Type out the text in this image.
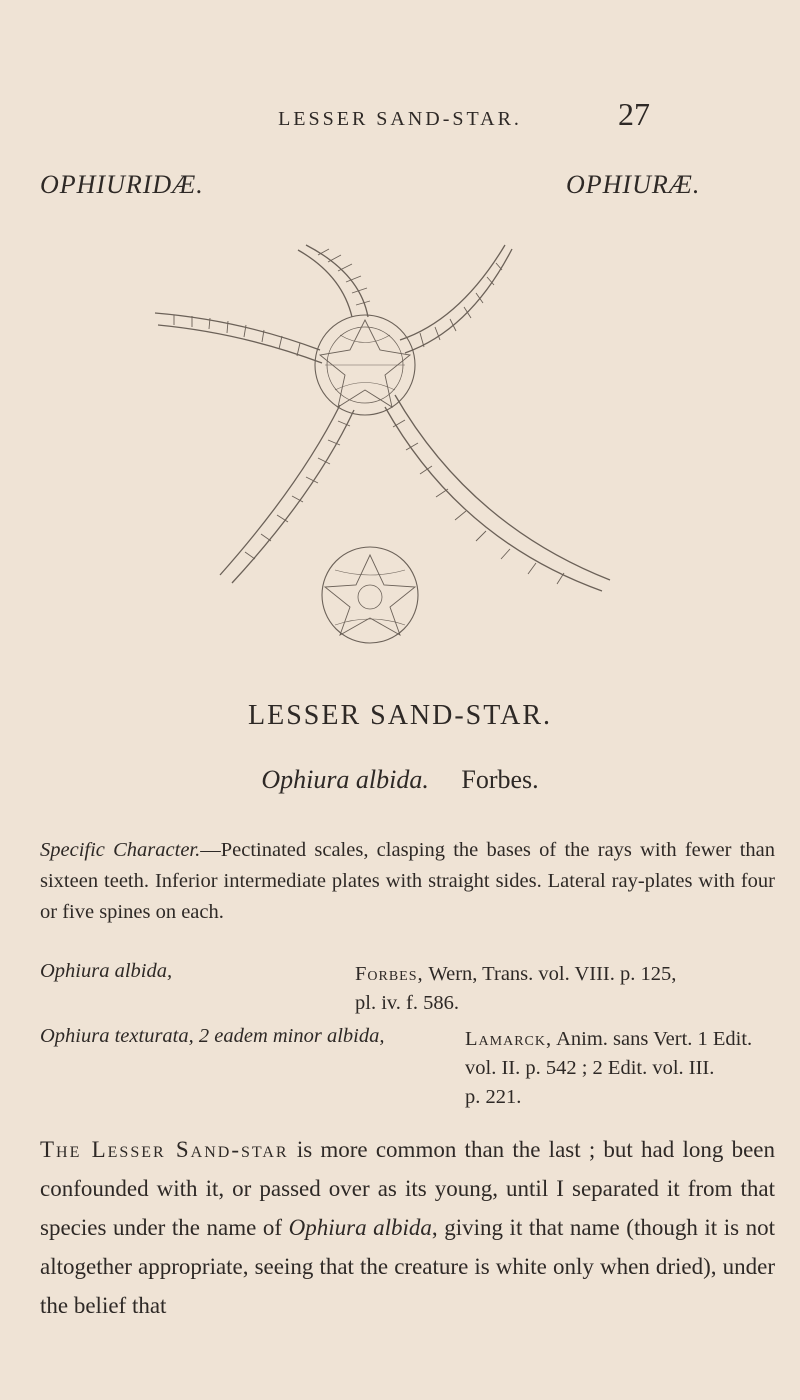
LESSER SAND-STAR.	27
OPHIURIDÆ.	OPHIURÆ.
LESSER SAND-STAR.
Ophiura albida. Forbes.
Specific Character.—Pectinated scales, clasping the bases of the rays with fewer than sixteen teeth. Inferior intermediate plates with straight sides. Lateral ray-plates with four or five spines on each.
Ophiura albida,	Forbes, Wern, Trans. vol. VIII. p. 125,
pl. iv. f. 586.
Ophiura texturata, 2 eadem minor albida,	Lamarck, Anim. sans Vert. 1 Edit.
vol. II. p. 542 ; 2 Edit. vol. III.
p. 221.
The Lesser Sand-star is more common than the last ; but had long been confounded with it, or passed over as its young, until I separated it from that species under the name of Ophiura albida, giving it that name (though it is not altogether appropriate, seeing that the creature is white only when dried), under the belief that
